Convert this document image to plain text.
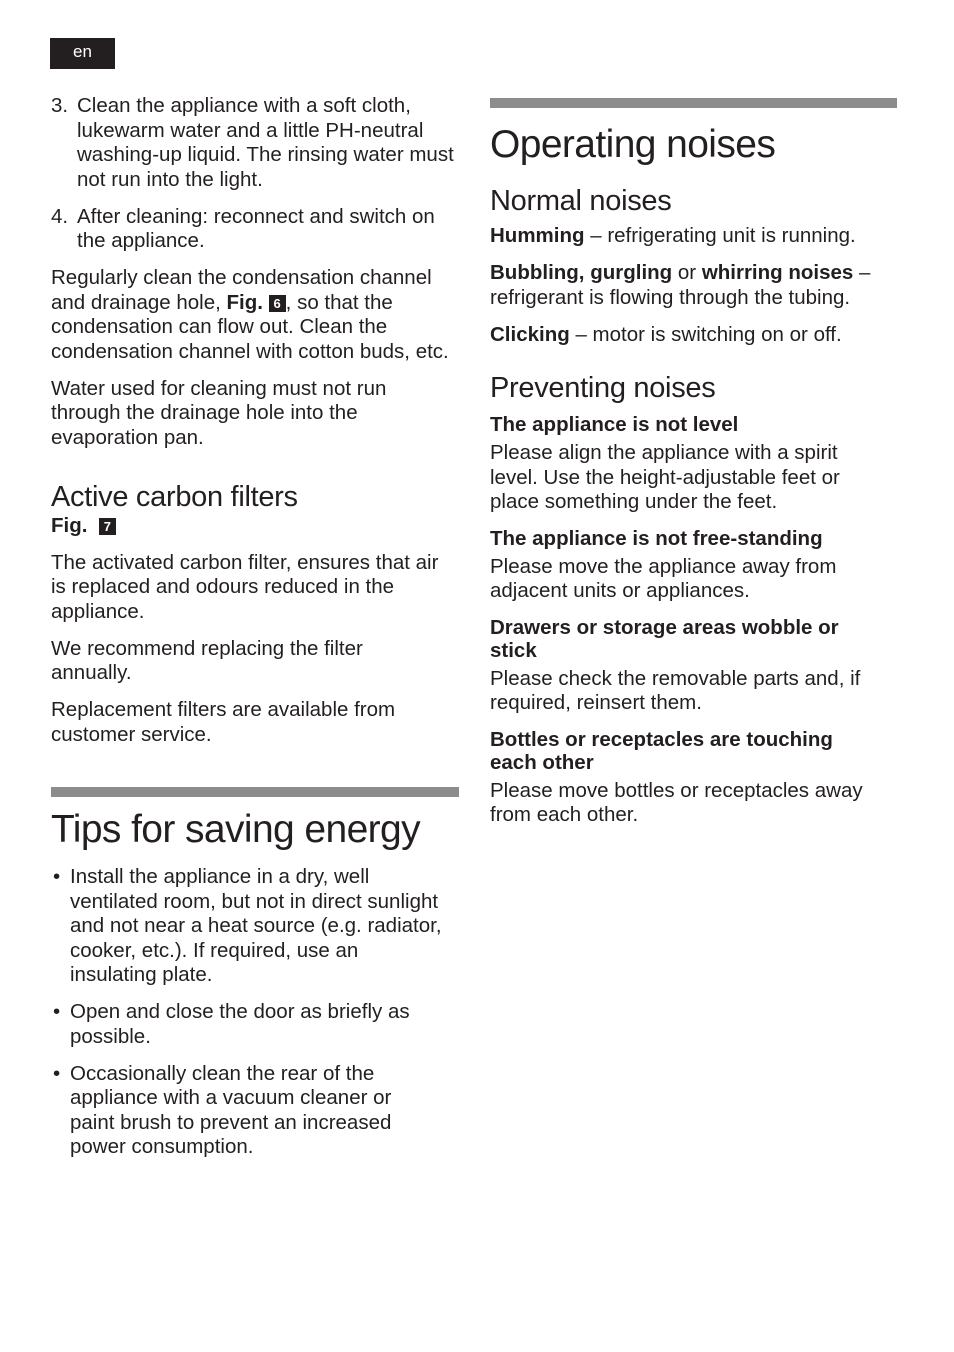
en
3. Clean the appliance with a soft cloth, lukewarm water and a little PH-neutral washing-up liquid. The rinsing water must not run into the light.
4. After cleaning: reconnect and switch on the appliance.

Regularly clean the condensation channel and drainage hole, Fig. 6 , so that the condensation can flow out. Clean the condensation channel with cotton buds, etc.

Water used for cleaning must not run through the drainage hole into the evaporation pan.

Active carbon filters

Fig. 7

The activated carbon filter, ensures that air is replaced and odours reduced in the appliance.

We recommend replacing the filter annually.

Replacement filters are available from customer service.

Tips for saving energy
• Install the appliance in a dry, well ventilated room, but not in direct sunlight and not near a heat source (e.g. radiator, cooker, etc.). If required, use an insulating plate.
• Open and close the door as briefly as possible.
• Occasionally clean the rear of the appliance with a vacuum cleaner or paint brush to prevent an increased power consumption.
Operating noises
Normal noises

Humming – refrigerating unit is running.

Bubbling, gurgling or whirring noises – refrigerant is flowing through the tubing.

Clicking – motor is switching on or off.

Preventing noises

The appliance is not level

Please align the appliance with a spirit level. Use the height-adjustable feet or place something under the feet.

The appliance is not free-standing

Please move the appliance away from adjacent units or appliances.

Drawers or storage areas wobble or stick

Please check the removable parts and, if required, reinsert them.

Bottles or receptacles are touching each other

Please move bottles or receptacles away from each other.
